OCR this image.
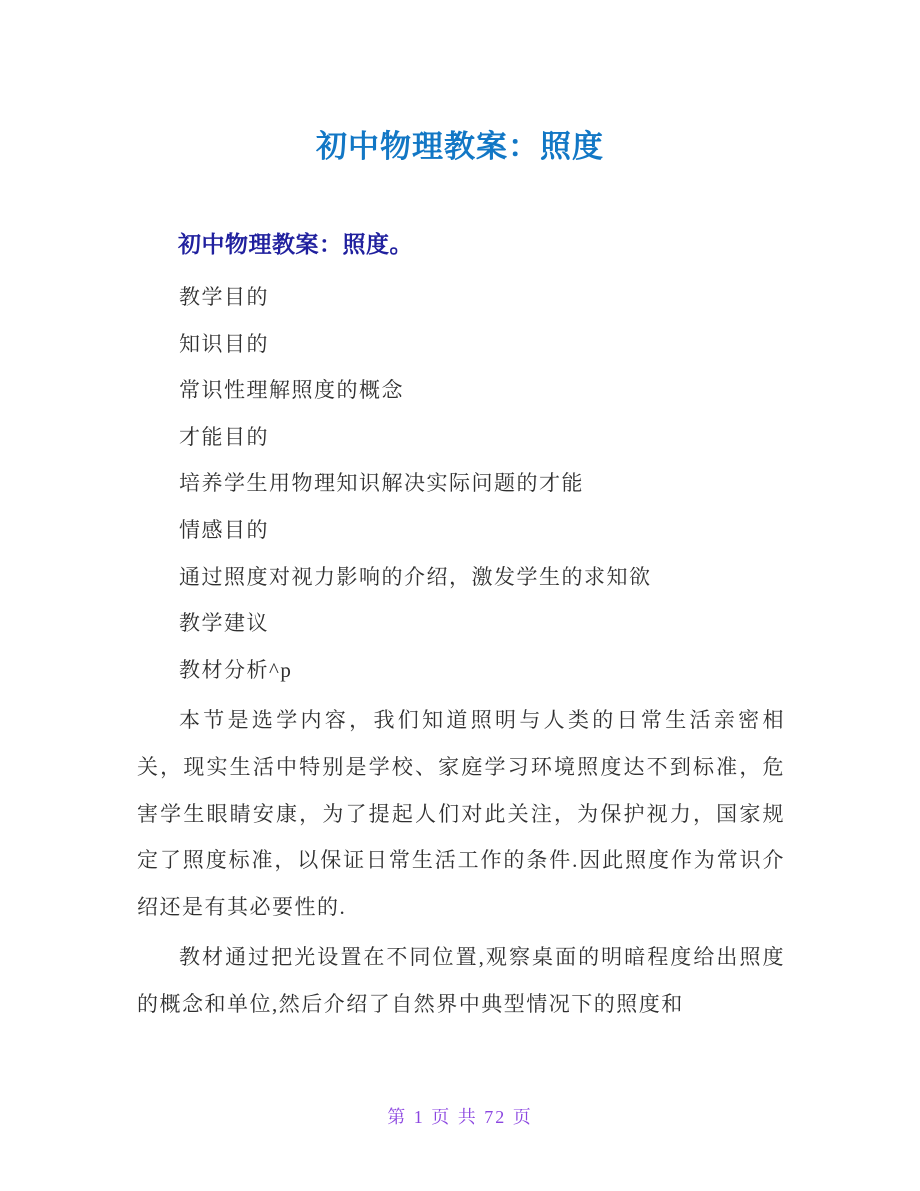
初中物理教案：照度
初中物理教案：照度。

教学目的

知识目的

常识性理解照度的概念

才能目的

培养学生用物理知识解决实际问题的才能

情感目的

通过照度对视力影响的介绍，激发学生的求知欲

教学建议

教材分析^p

本节是选学内容，我们知道照明与人类的日常生活亲密相关，现实生活中特别是学校、家庭学习环境照度达不到标准，危害学生眼睛安康，为了提起人们对此关注，为保护视力，国家规定了照度标准，以保证日常生活工作的条件.因此照度作为常识介绍还是有其必要性的.

教材通过把光设置在不同位置,观察桌面的明暗程度给出照度的概念和单位,然后介绍了自然界中典型情况下的照度和

第 1 页 共 72 页
